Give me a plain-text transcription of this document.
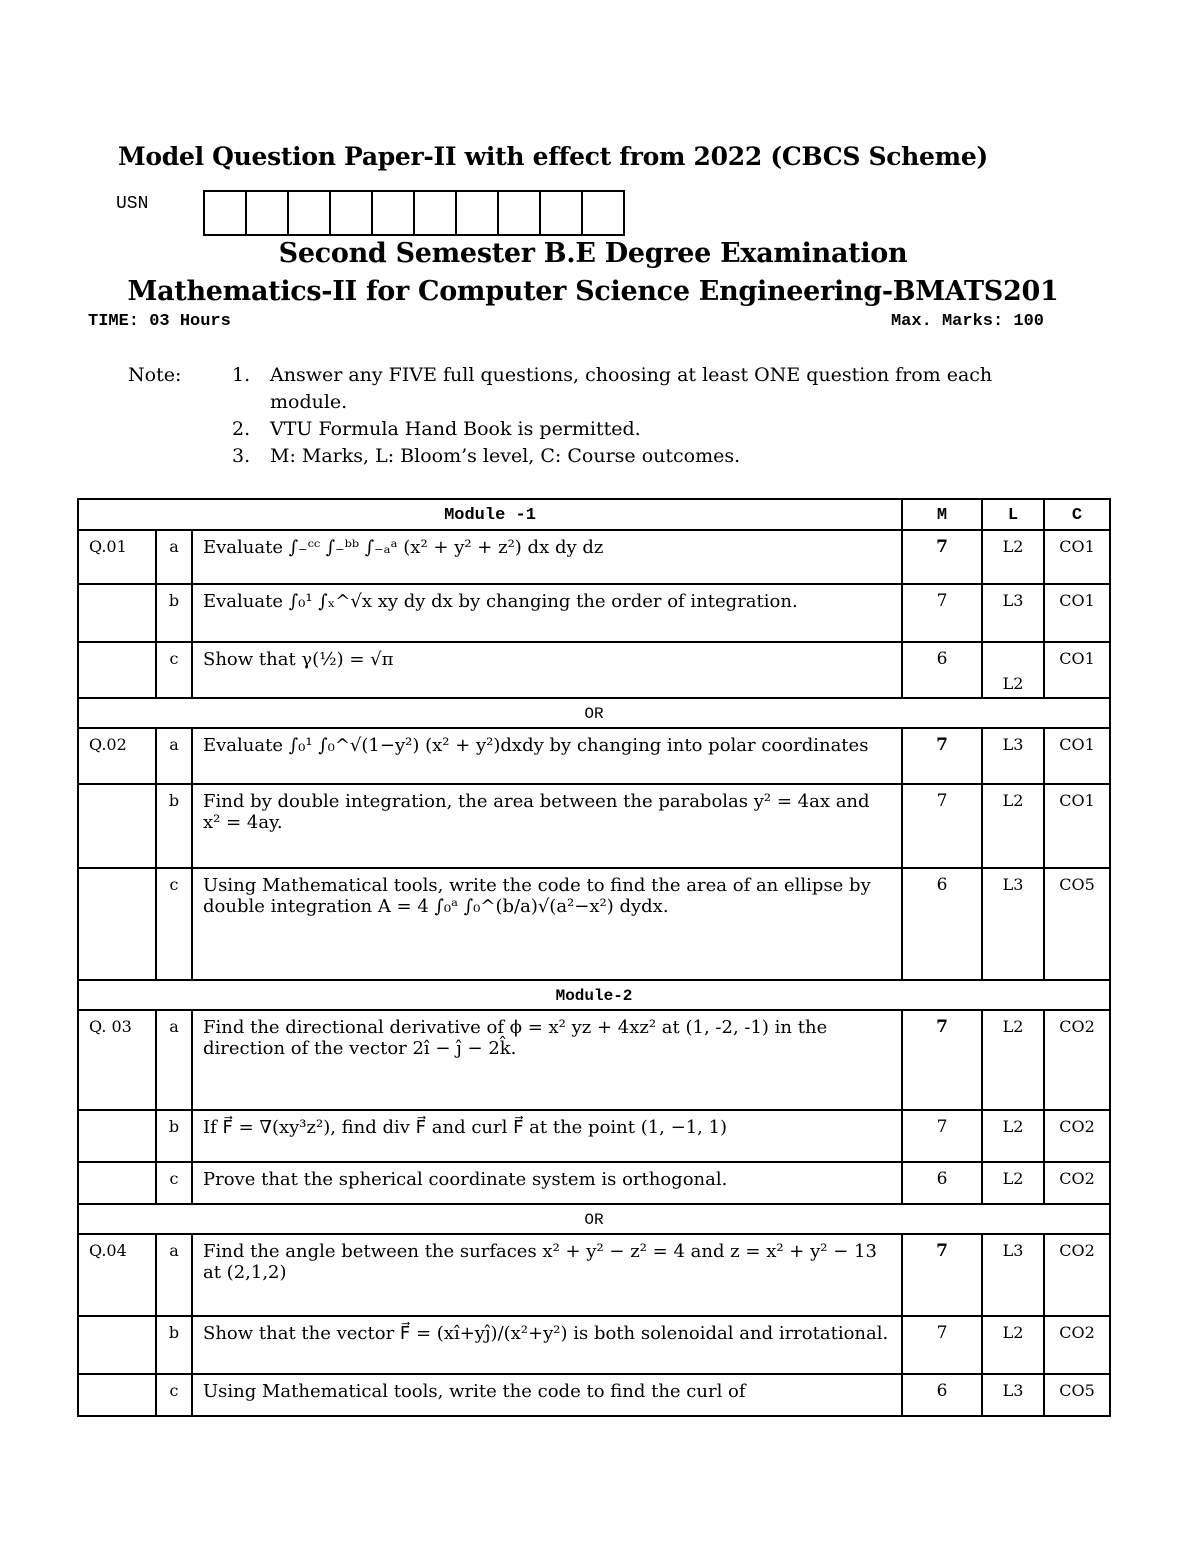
Model Question Paper-II with effect from 2022 (CBCS Scheme)
USN
Second Semester B.E Degree Examination
Mathematics-II for Computer Science Engineering-BMATS201
TIME: 03 Hours	Max. Marks: 100
Note:	1.	Answer any FIVE full questions, choosing at least ONE question from each module.
2.	VTU Formula Hand Book is permitted.
3.	M: Marks, L: Bloom’s level, C: Course outcomes.
Module -1			M	L	C
Q.01	a	Evaluate ∫₋ᶜᶜ ∫₋ᵇᵇ ∫₋ₐᵃ (x² + y² + z²) dx dy dz	7	L2	CO1
	b	Evaluate ∫₀¹ ∫ₓ^√x xy dy dx by changing the order of integration.	7	L3	CO1
	c	Show that γ(½) = √π	6	L2	CO1
OR					
Q.02	a	Evaluate ∫₀¹ ∫₀^√(1−y²) (x² + y²)dxdy by changing into polar coordinates	7	L3	CO1
	b	Find by double integration, the area between the parabolas y² = 4ax and x² = 4ay.	7	L2	CO1
	c	Using Mathematical tools, write the code to find the area of an ellipse by double integration A = 4 ∫₀ᵃ ∫₀^(b/a)√(a²−x²) dydx.	6	L3	CO5
Module-2					
Q. 03	a	Find the directional derivative of ϕ = x² yz + 4xz² at (1, -2, -1) in the direction of the vector 2î − ĵ − 2k̂.	7	L2	CO2
	b	If F⃗ = ∇(xy³z²), find div F⃗ and curl F⃗ at the point (1, −1, 1)	7	L2	CO2
	c	Prove that the spherical coordinate system is orthogonal.	6	L2	CO2
OR					
Q.04	a	Find the angle between the surfaces x² + y² − z² = 4 and z = x² + y² − 13 at (2,1,2)	7	L3	CO2
	b	Show that the vector F⃗ = (xî+yĵ)/(x²+y²) is both solenoidal and irrotational.	7	L2	CO2
	c	Using Mathematical tools, write the code to find the curl of	6	L3	CO5
